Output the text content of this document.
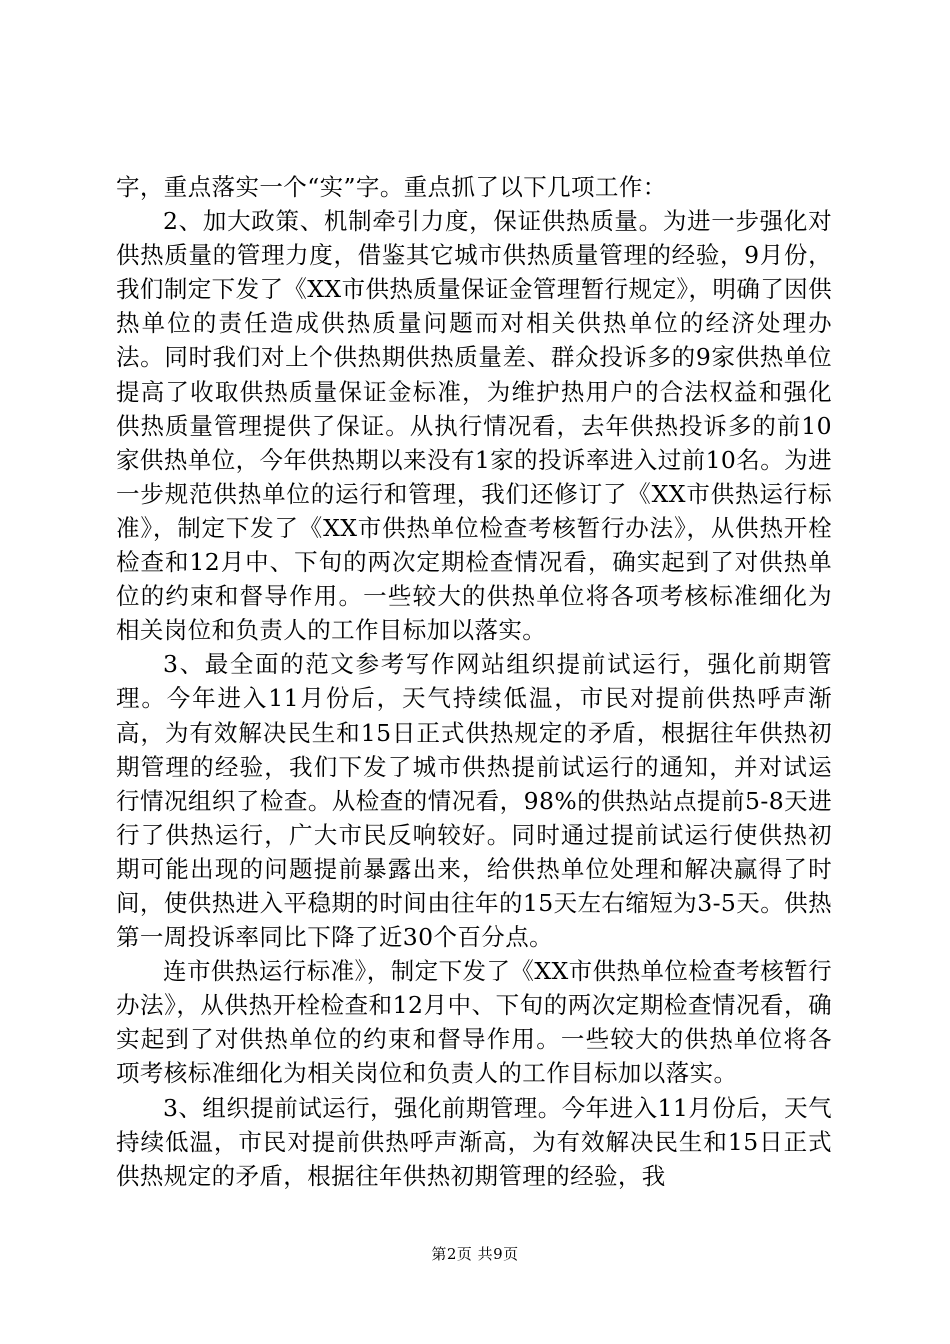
字，重点落实一个“实”字。重点抓了以下几项工作：

2、加大政策、机制牵引力度，保证供热质量。为进一步强化对供热质量的管理力度，借鉴其它城市供热质量管理的经验，9月份，我们制定下发了《XX市供热质量保证金管理暂行规定》，明确了因供热单位的责任造成供热质量问题而对相关供热单位的经济处理办法。同时我们对上个供热期供热质量差、群众投诉多的9家供热单位提高了收取供热质量保证金标准，为维护热用户的合法权益和强化供热质量管理提供了保证。从执行情况看，去年供热投诉多的前10家供热单位，今年供热期以来没有1家的投诉率进入过前10名。为进一步规范供热单位的运行和管理，我们还修订了《XX市供热运行标准》，制定下发了《XX市供热单位检查考核暂行办法》，从供热开栓检查和12月中、下旬的两次定期检查情况看，确实起到了对供热单位的约束和督导作用。一些较大的供热单位将各项考核标准细化为相关岗位和负责人的工作目标加以落实。

3、最全面的范文参考写作网站组织提前试运行，强化前期管理。今年进入11月份后，天气持续低温，市民对提前供热呼声渐高，为有效解决民生和15日正式供热规定的矛盾，根据往年供热初期管理的经验，我们下发了城市供热提前试运行的通知，并对试运行情况组织了检查。从检查的情况看，98%的供热站点提前5-8天进行了供热运行，广大市民反响较好。同时通过提前试运行使供热初期可能出现的问题提前暴露出来，给供热单位处理和解决赢得了时间，使供热进入平稳期的时间由往年的15天左右缩短为3-5天。供热第一周投诉率同比下降了近30个百分点。

连市供热运行标准》，制定下发了《XX市供热单位检查考核暂行办法》，从供热开栓检查和12月中、下旬的两次定期检查情况看，确实起到了对供热单位的约束和督导作用。一些较大的供热单位将各项考核标准细化为相关岗位和负责人的工作目标加以落实。

3、组织提前试运行，强化前期管理。今年进入11月份后，天气持续低温，市民对提前供热呼声渐高，为有效解决民生和15日正式供热规定的矛盾，根据往年供热初期管理的经验，我

第2页 共9页
